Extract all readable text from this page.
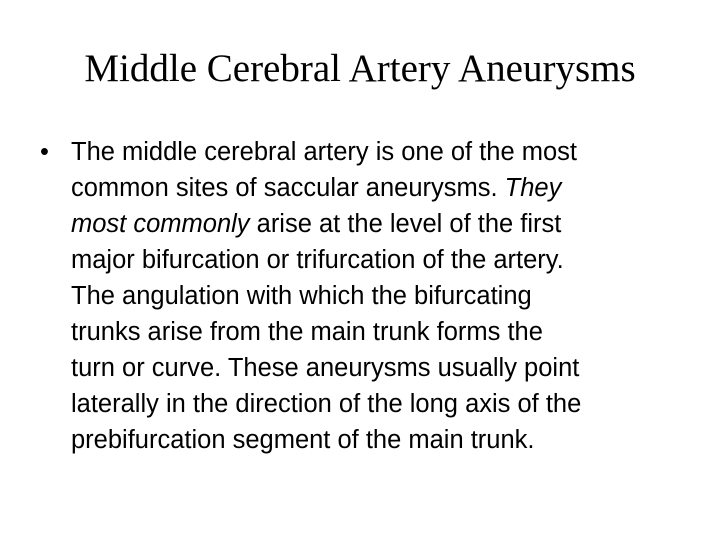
Middle Cerebral Artery Aneurysms
• The middle cerebral artery is one of the most
common sites of saccular aneurysms. They
most commonly arise at the level of the first
major bifurcation or trifurcation of the artery.
The angulation with which the bifurcating
trunks arise from the main trunk forms the
turn or curve. These aneurysms usually point
laterally in the direction of the long axis of the
prebifurcation segment of the main trunk.
